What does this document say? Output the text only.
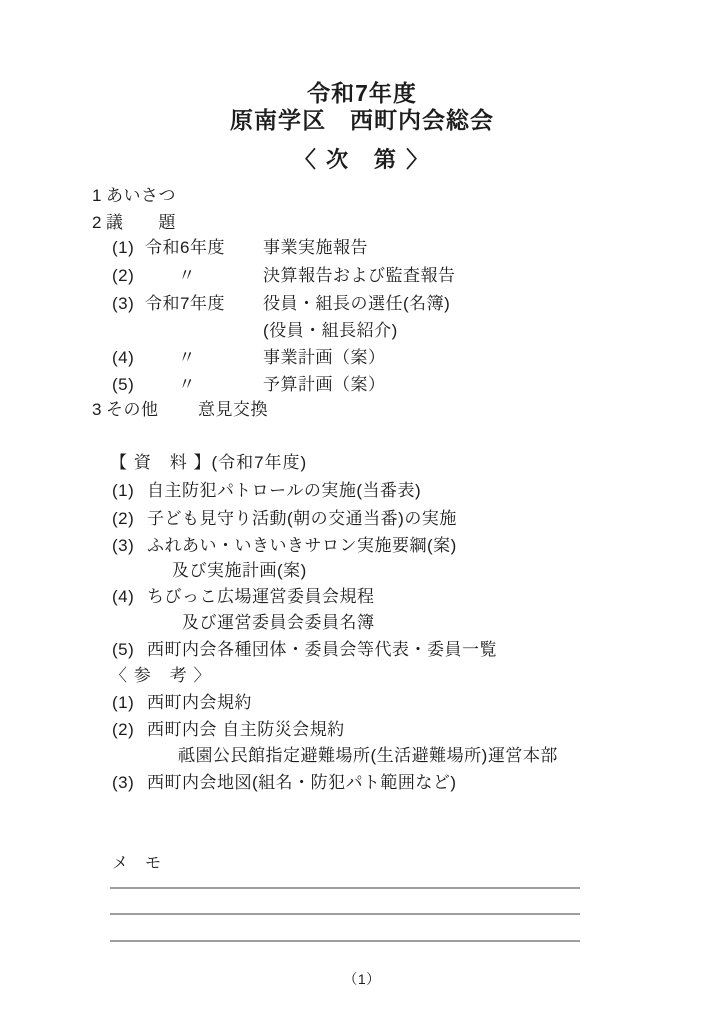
令和7年度
原南学区　西町内会総会
〈 次　第 〉
1 あいさつ
2 議　　題
(1) 令和6年度 事業実施報告
(2)	〃	決算報告および監査報告
(3) 令和7年度 役員・組長の選任(名簿)
(役員・組長紹介)
(4)	〃	事業計画（案）
(5)	〃	予算計画（案）
3 その他 意見交換
【 資　料 】(令和7年度)
(1) 自主防犯パトロールの実施(当番表)
(2) 子ども見守り活動(朝の交通当番)の実施
(3) ふれあい・いきいきサロン実施要綱(案)
及び実施計画(案)
(4) ちびっこ広場運営委員会規程
及び運営委員会委員名簿
(5) 西町内会各種団体・委員会等代表・委員一覧
〈 参　考 〉
(1) 西町内会規約
(2) 西町内会 自主防災会規約
祗園公民館指定避難場所(生活避難場所)運営本部
(3) 西町内会地図(組名・防犯パト範囲など)
メ　モ
（1）
